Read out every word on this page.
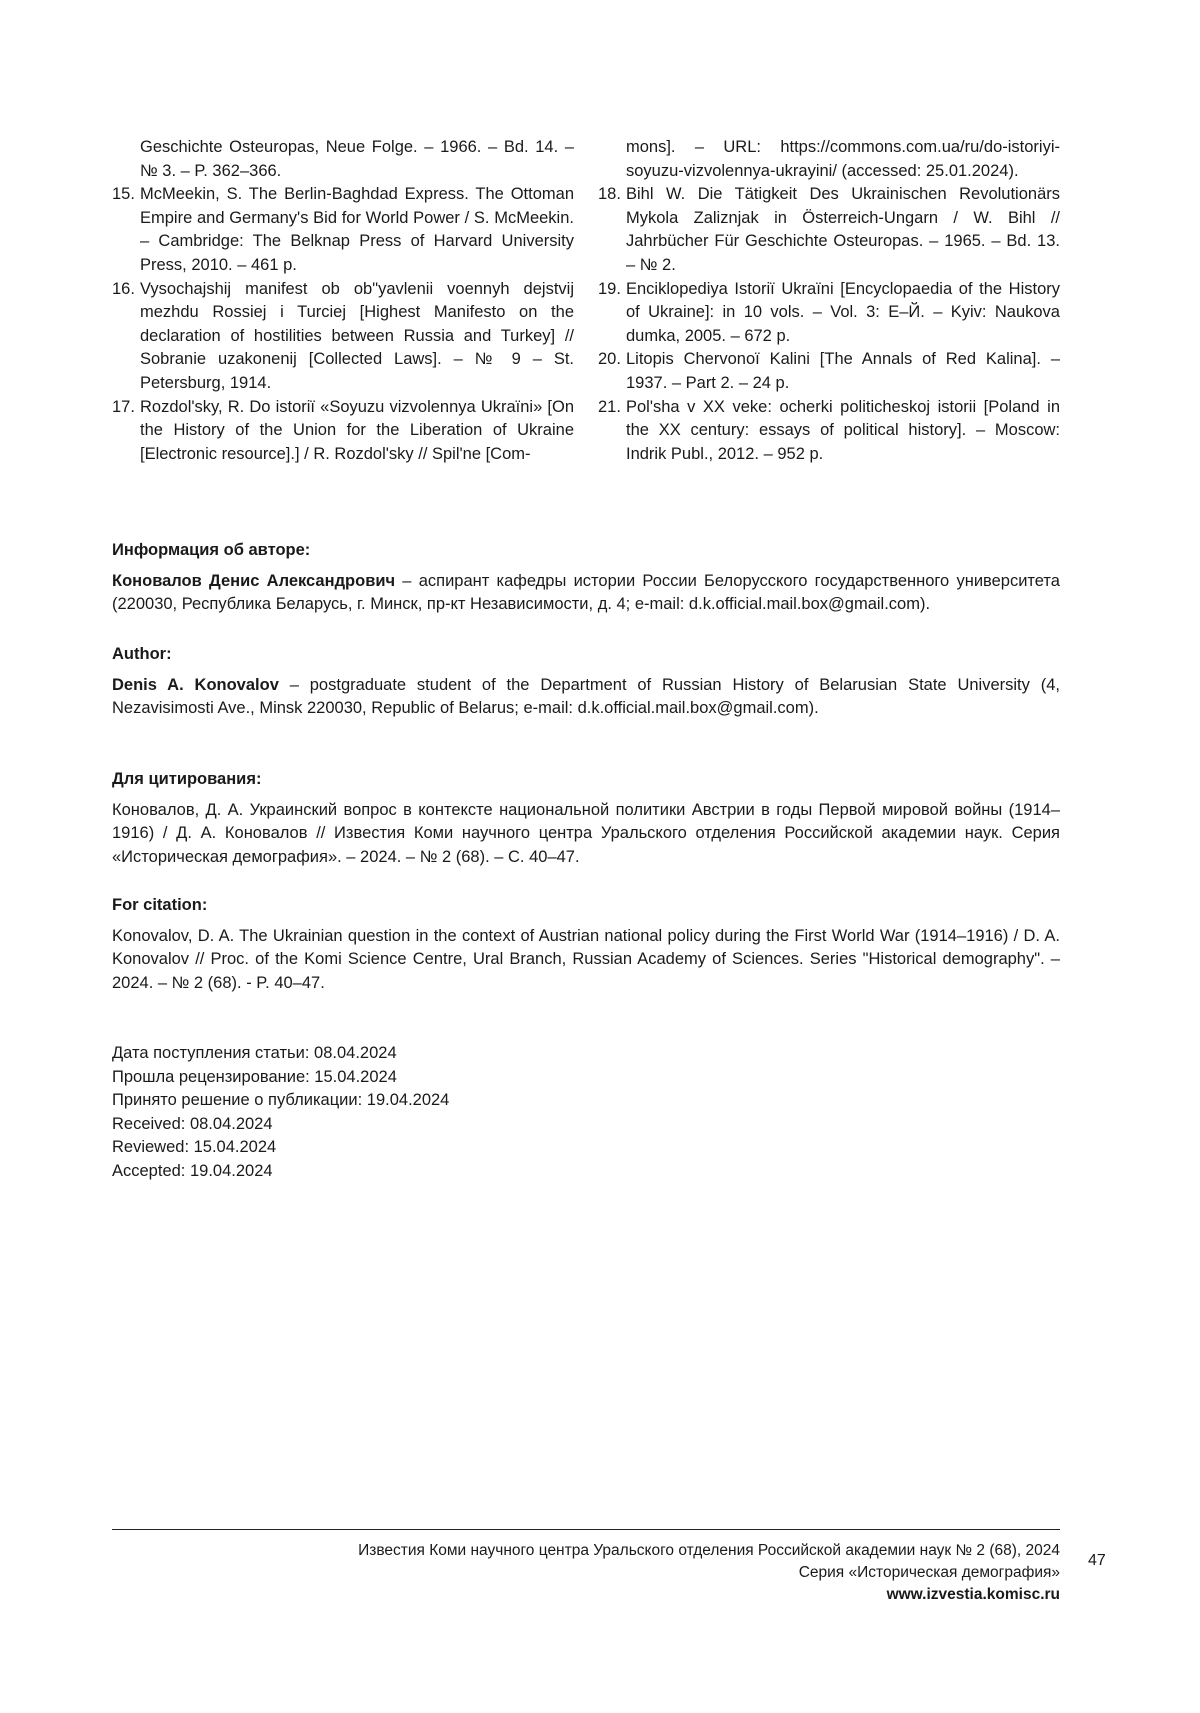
Geschichte Osteuropas, Neue Folge. – 1966. – Bd. 14. – № 3. – P. 362–366.
15. McMeekin, S. The Berlin-Baghdad Express. The Ottoman Empire and Germany's Bid for World Power / S. McMeekin. – Cambridge: The Belknap Press of Harvard University Press, 2010. – 461 p.
16. Vysochajshij manifest ob ob"yavlenii voennyh dejstvij mezhdu Rossiej i Turciej [Highest Manifesto on the declaration of hostilities between Russia and Turkey] // Sobranie uzakonenij [Collected Laws]. – № 9 – St. Petersburg, 1914.
17. Rozdol'sky, R. Do istoriї «Soyuzu vizvolennya Ukraїni» [On the History of the Union for the Liberation of Ukraine [Electronic resource].] / R. Rozdol'sky // Spil'ne [Com-
mons]. – URL: https://commons.com.ua/ru/do-istoriyi-soyuzu-vizvolennya-ukrayini/ (accessed: 25.01.2024).
18. Bihl W. Die Tätigkeit Des Ukrainischen Revolutionärs Mykola Zaliznjak in Österreich-Ungarn / W. Bihl // Jahrbücher Für Geschichte Osteuropas. – 1965. – Bd. 13. – № 2.
19. Enciklopediya Istoriї Ukraїni [Encyclopaedia of the History of Ukraine]: in 10 vols. – Vol. 3: Е–Й. – Kyiv: Naukova dumka, 2005. – 672 p.
20. Litopis Chervonoї Kalini [The Annals of Red Kalina]. – 1937. – Part 2. – 24 p.
21. Pol'sha v XX veke: ocherki politicheskoj istorii [Poland in the XX century: essays of political history]. – Moscow: Indrik Publ., 2012. – 952 p.
Информация об авторе:
Коновалов Денис Александрович – аспирант кафедры истории России Белорусского государственного университета (220030, Республика Беларусь, г. Минск, пр-кт Независимости, д. 4; e-mail: d.k.official.mail.box@gmail.com).
Author:
Denis A. Konovalov – postgraduate student of the Department of Russian History of Belarusian State University (4, Nezavisimosti Ave., Minsk 220030, Republic of Belarus; e-mail: d.k.official.mail.box@gmail.com).
Для цитирования:
Коновалов, Д. А. Украинский вопрос в контексте национальной политики Австрии в годы Первой мировой войны (1914–1916) / Д. А. Коновалов // Известия Коми научного центра Уральского отделения Российской академии наук. Серия «Историческая демография». – 2024. – № 2 (68). – С. 40–47.
For citation:
Konovalov, D. A. The Ukrainian question in the context of Austrian national policy during the First World War (1914–1916) / D. A. Konovalov // Proc. of the Komi Science Centre, Ural Branch, Russian Academy of Sciences. Series "Historical demography". – 2024. – № 2 (68). - P. 40–47.
Дата поступления статьи: 08.04.2024
Прошла рецензирование: 15.04.2024
Принято решение о публикации: 19.04.2024
Received: 08.04.2024
Reviewed: 15.04.2024
Accepted: 19.04.2024
Известия Коми научного центра Уральского отделения Российской академии наук № 2 (68), 2024
Серия «Историческая демография»
www.izvestia.komisc.ru
47
